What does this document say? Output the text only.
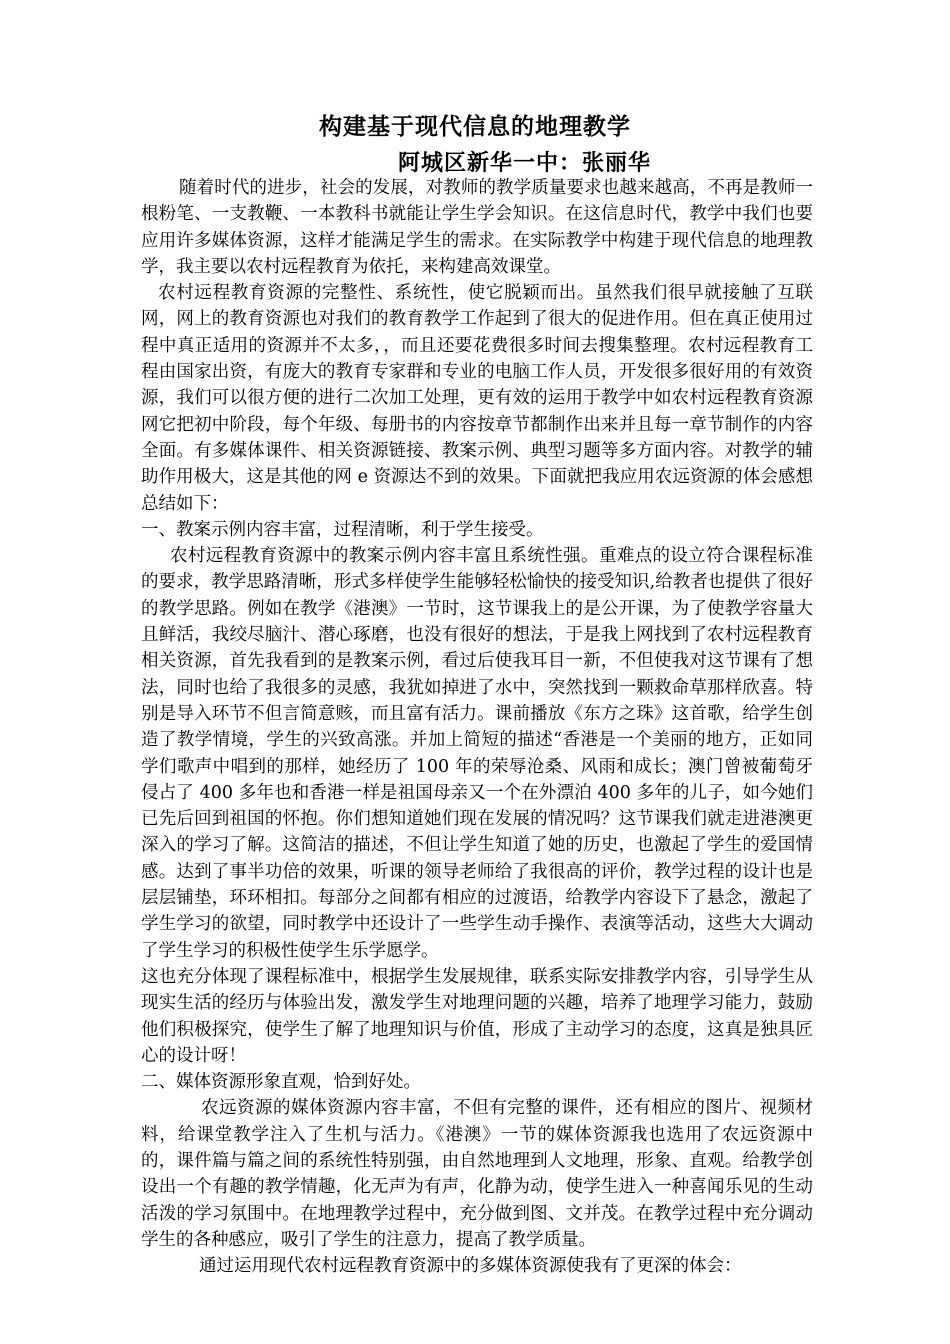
构建基于现代信息的地理教学
阿城区新华一中：张丽华

随着时代的进步，社会的发展，对教师的教学质量要求也越来越高，不再是教师一根粉笔、一支教鞭、一本教科书就能让学生学会知识。在这信息时代，教学中我们也要应用许多媒体资源，这样才能满足学生的需求。在实际教学中构建于现代信息的地理教学，我主要以农村远程教育为依托，来构建高效课堂。

农村远程教育资源的完整性、系统性，使它脱颖而出。虽然我们很早就接触了互联网，网上的教育资源也对我们的教育教学工作起到了很大的促进作用。但在真正使用过程中真正适用的资源并不太多，，而且还要花费很多时间去搜集整理。农村远程教育工程由国家出资，有庞大的教育专家群和专业的电脑工作人员，开发很多很好用的有效资源，我们可以很方便的进行二次加工处理，更有效的运用于教学中如农村远程教育资源网它把初中阶段，每个年级、每册书的内容按章节都制作出来并且每一章节制作的内容全面。有多媒体课件、相关资源链接、教案示例、典型习题等多方面内容。对教学的辅助作用极大，这是其他的网 e 资源达不到的效果。下面就把我应用农远资源的体会感想总结如下：

一、教案示例内容丰富，过程清晰，利于学生接受。

农村远程教育资源中的教案示例内容丰富且系统性强。重难点的设立符合课程标准的要求，教学思路清晰，形式多样使学生能够轻松愉快的接受知识,给教者也提供了很好的教学思路。例如在教学《港澳》一节时，这节课我上的是公开课，为了使教学容量大且鲜活，我绞尽脑汁、潜心琢磨，也没有很好的想法，于是我上网找到了农村远程教育相关资源，首先我看到的是教案示例，看过后使我耳目一新，不但使我对这节课有了想法，同时也给了我很多的灵感，我犹如掉进了水中，突然找到一颗救命草那样欣喜。特别是导入环节不但言简意赅，而且富有活力。课前播放《东方之珠》这首歌，给学生创造了教学情境，学生的兴致高涨。并加上简短的描述“香港是一个美丽的地方，正如同学们歌声中唱到的那样，她经历了 100 年的荣辱沧桑、风雨和成长；澳门曾被葡萄牙侵占了 400 多年也和香港一样是祖国母亲又一个在外漂泊 400 多年的儿子，如今她们已先后回到祖国的怀抱。你们想知道她们现在发展的情况吗？这节课我们就走进港澳更深入的学习了解。这简洁的描述，不但让学生知道了她的历史，也激起了学生的爱国情感。达到了事半功倍的效果，听课的领导老师给了我很高的评价，教学过程的设计也是层层铺垫，环环相扣。每部分之间都有相应的过渡语，给教学内容设下了悬念，激起了学生学习的欲望，同时教学中还设计了一些学生动手操作、表演等活动，这些大大调动了学生学习的积极性使学生乐学愿学。

这也充分体现了课程标准中，根据学生发展规律，联系实际安排教学内容，引导学生从现实生活的经历与体验出发，激发学生对地理问题的兴趣，培养了地理学习能力，鼓励他们积极探究，使学生了解了地理知识与价值，形成了主动学习的态度，这真是独具匠心的设计呀！

二、媒体资源形象直观，恰到好处。

农远资源的媒体资源内容丰富，不但有完整的课件，还有相应的图片、视频材料，给课堂教学注入了生机与活力。《港澳》一节的媒体资源我也选用了农远资源中的，课件篇与篇之间的系统性特别强，由自然地理到人文地理，形象、直观。给教学创设出一个有趣的教学情趣，化无声为有声，化静为动，使学生进入一种喜闻乐见的生动活泼的学习氛围中。在地理教学过程中，充分做到图、文并茂。在教学过程中充分调动学生的各种感应，吸引了学生的注意力，提高了教学质量。

通过运用现代农村远程教育资源中的多媒体资源使我有了更深的体会：
